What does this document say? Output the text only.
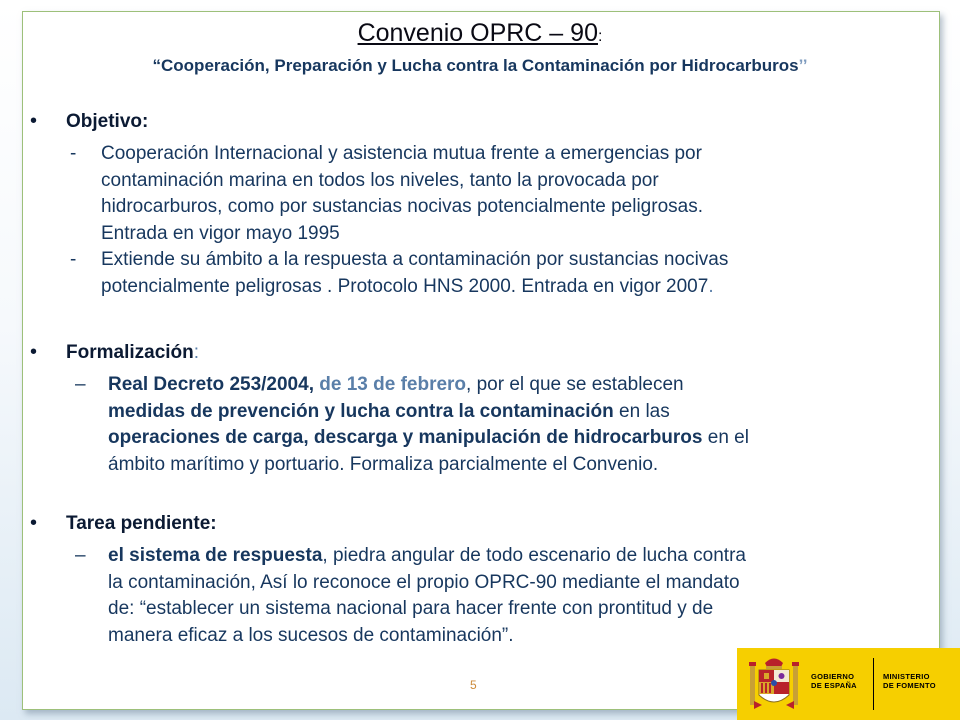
Convenio OPRC – 90:
“Cooperación, Preparación y Lucha contra la Contaminación por Hidrocarburos’’
• Objetivo:
- Cooperación Internacional y asistencia mutua frente a emergencias por
contaminación marina en todos los niveles, tanto la provocada por
hidrocarburos, como por sustancias nocivas potencialmente peligrosas.
Entrada en vigor mayo 1995
- Extiende su ámbito a la respuesta a contaminación por sustancias nocivas
potencialmente peligrosas . Protocolo HNS 2000. Entrada en vigor 2007.
• Formalización:
– Real Decreto 253/2004, de 13 de febrero, por el que se establecen
medidas de prevención y lucha contra la contaminación en las
operaciones de carga, descarga y manipulación de hidrocarburos en el
ámbito marítimo y portuario. Formaliza parcialmente el Convenio.
• Tarea pendiente:
– el sistema de respuesta, piedra angular de todo escenario de lucha contra
la contaminación, Así lo reconoce el propio OPRC-90 mediante el mandato
de: “establecer un sistema nacional para hacer frente con prontitud y de
manera eficaz a los sucesos de contaminación”.
5
GOBIERNO
DE ESPAÑA
MINISTERIO
DE FOMENTO
